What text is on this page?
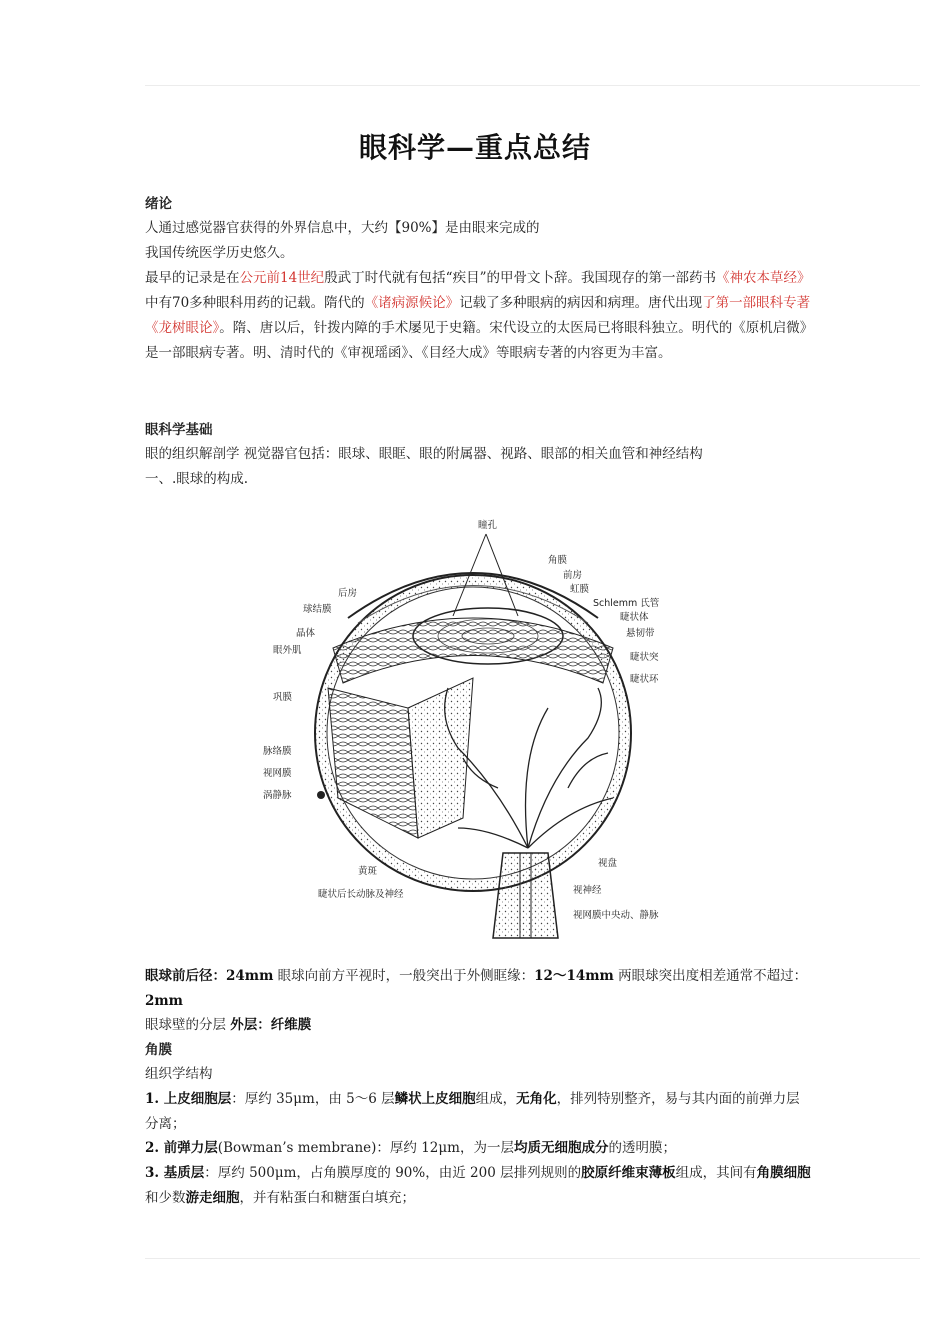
眼科学—重点总结
绪论

人通过感觉器官获得的外界信息中，大约【90%】是由眼来完成的

我国传统医学历史悠久。

最早的记录是在公元前14世纪殷武丁时代就有包括“疾目”的甲骨文卜辞。我国现存的第一部药书《神农本草经》中有70多种眼科用药的记载。隋代的《诸病源候论》记载了多种眼病的病因和病理。唐代出现了第一部眼科专著《龙树眼论》。隋、唐以后，针拨内障的手术屡见于史籍。宋代设立的太医局已将眼科独立。明代的《原机启微》是一部眼病专著。明、清时代的《审视瑶函》、《目经大成》等眼病专著的内容更为丰富。

眼科学基础

眼的组织解剖学 视觉器官包括：眼球、眼眶、眼的附属器、视路、眼部的相关血管和神经结构

一、.眼球的构成.

眼球前后径：24mm 眼球向前方平视时，一般突出于外侧眶缘：12～14mm 两眼球突出度相差通常不超过：2mm

眼球壁的分层 外层：纤维膜

角膜

组织学结构

1. 上皮细胞层：厚约 35μm，由 5～6 层鳞状上皮细胞组成，无角化，排列特别整齐，易与其内面的前弹力层分离；

2. 前弹力层(Bowman’s membrane)：厚约 12μm，为一层均质无细胞成分的透明膜；

3. 基质层：厚约 500μm，占角膜厚度的 90%，由近 200 层排列规则的胶原纤维束薄板组成，其间有角膜细胞和少数游走细胞，并有粘蛋白和糖蛋白填充；

瞳孔
角膜
前房
虹膜
Schlemm 氏管
睫状体
悬韧带
睫状突
睫状环
后房
球结膜
晶体
眼外肌
巩膜
脉络膜
视网膜
涡静脉
黄斑
睫状后长动脉及神经
视盘
视神经
视网膜中央动、静脉
